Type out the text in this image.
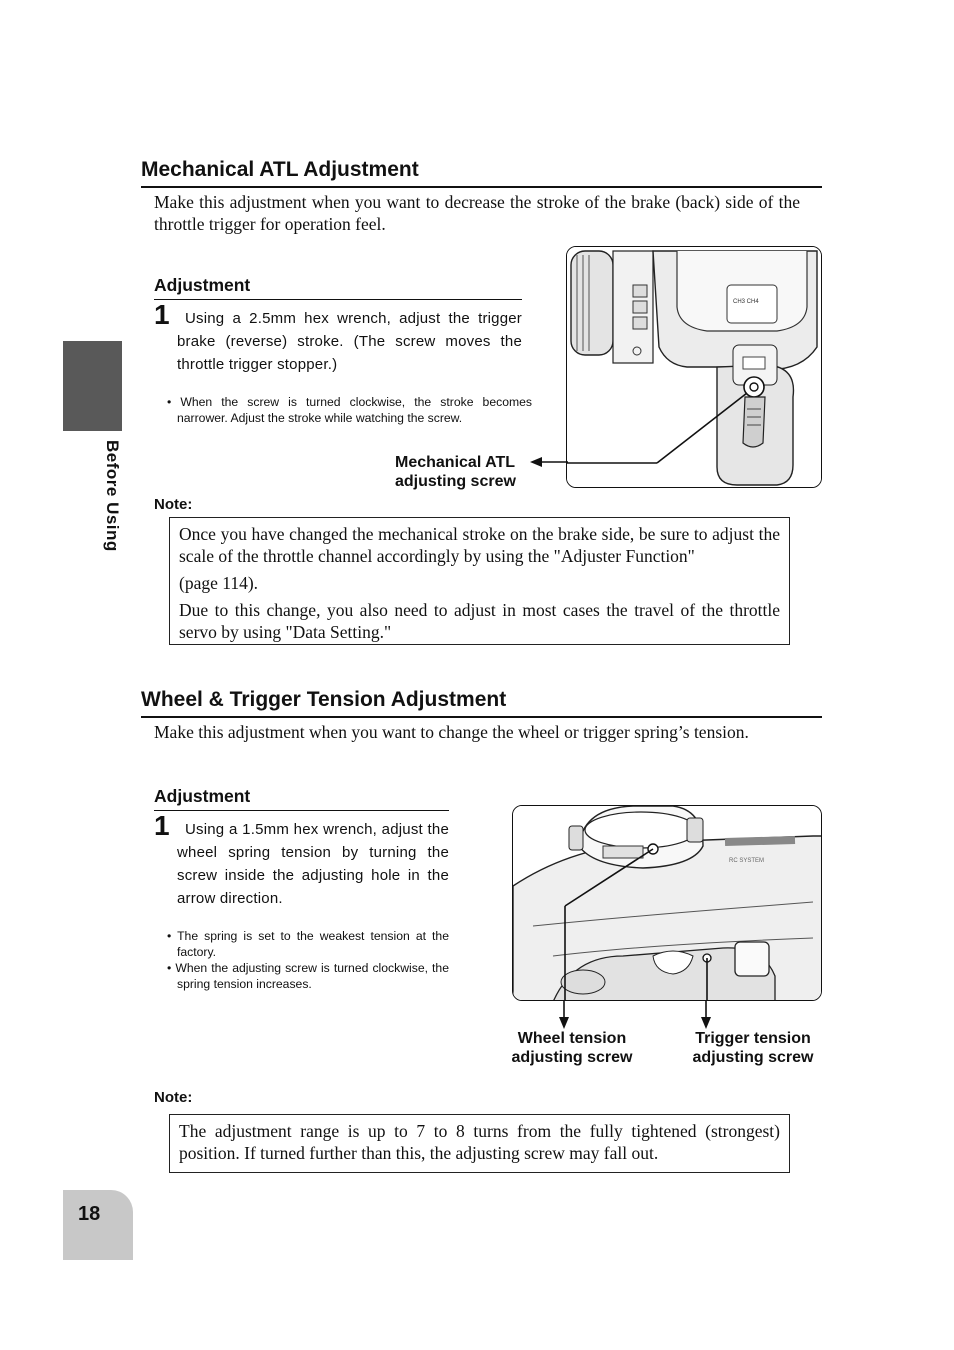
Before Using
Mechanical ATL Adjustment
Make this adjustment when you want to decrease the stroke of the brake (back) side of the throttle trigger for operation feel.
Adjustment
1	Using a 2.5mm hex wrench, adjust the trigger brake (reverse) stroke. (The screw moves the throttle trigger stopper.)
• When the screw is turned clockwise, the stroke becomes narrower. Adjust the stroke while watching the screw.
CH3 CH4
Mechanical ATL
adjusting screw
Note:

Once you have changed the mechanical stroke on the brake side, be sure to adjust the scale of the throttle channel accordingly by using the "Adjuster Function"

(page 114).

Due to this change, you also need to adjust in most cases the travel of the throttle servo by using "Data Setting."

Wheel & Trigger Tension Adjustment
Make this adjustment when you want to change the wheel or trigger spring’s tension.
Adjustment
1	Using a 1.5mm hex wrench, adjust the wheel spring tension by turning the screw inside the adjusting hole in the arrow direction.

• The spring is set to the weakest tension at the factory.

• When the adjusting screw is turned clockwise, the spring tension increases.

RC SYSTEM
Wheel tension
adjusting screw
Trigger tension
adjusting screw
Note:

The adjustment range is up to 7 to 8 turns from the fully tightened (strongest) position. If turned further than this, the adjusting screw may fall out.

18
